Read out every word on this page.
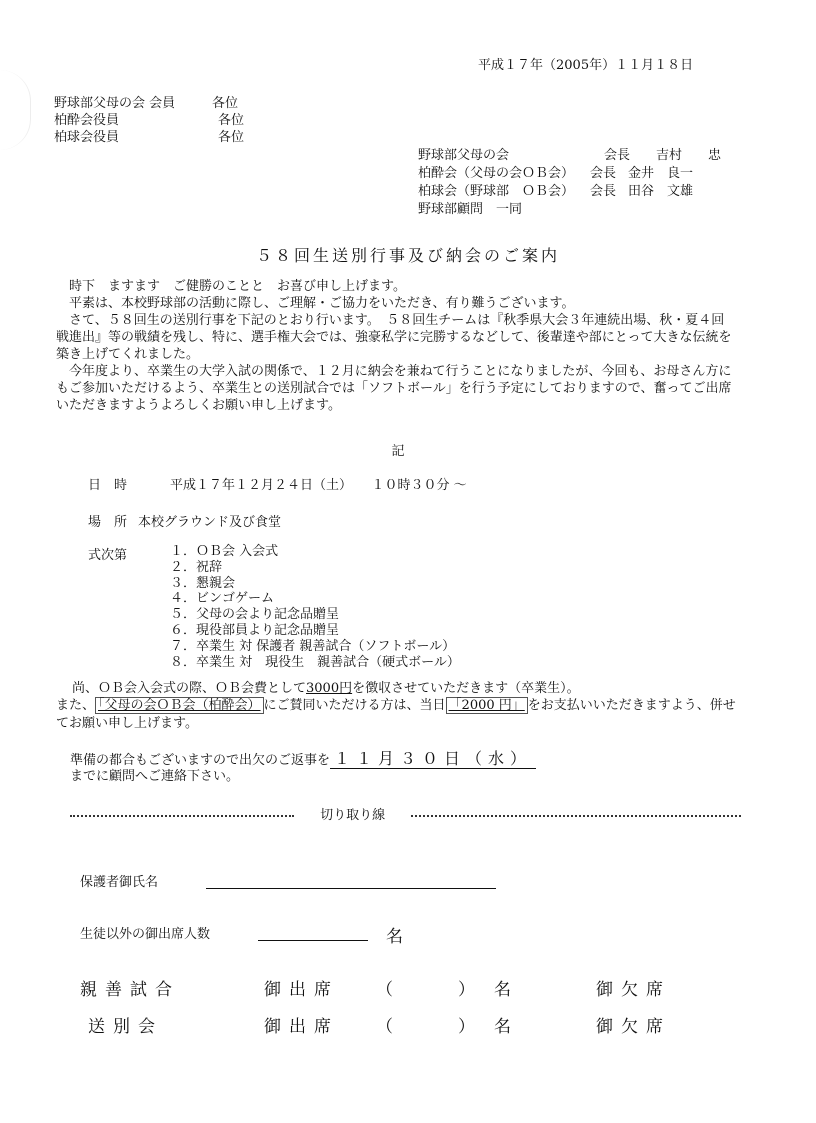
平成１７年（2005年）１１月１８日
野球部父母の会 会員	各位
柏酔会役員	各位
柏球会役員	各位
野球部父母の会	会長 吉村　　忠
柏酔会（父母の会ＯＢ会） 会長 金井　良一
柏球会（野球部　ＯＢ会） 会長 田谷　文雄
野球部顧問　一同
５８回生送別行事及び納会のご案内

　時下　ますます　ご健勝のことと　お喜び申し上げます。

　平素は、本校野球部の活動に際し、ご理解・ご協力をいただき、有り難うございます。

　さて、５８回生の送別行事を下記のとおり行います。　５８回生チームは『秋季県大会３年連続出場、秋・夏４回戦進出』等の戦績を残し、特に、選手権大会では、強豪私学に完勝するなどして、後輩達や部にとって大きな伝統を築き上げてくれました。

　今年度より、卒業生の大学入試の関係で、１２月に納会を兼ねて行うことになりましたが、今回も、お母さん方にもご参加いただけるよう、卒業生との送別試合では「ソフトボール」を行う予定にしておりますので、奮ってご出席いただきますようよろしくお願い申し上げます。

記
日　時	平成１７年１２月２４日（土）　　１０時３０分 ～
場　所 本校グラウンド及び食堂
式次第	１．ＯＢ会 入会式
２．祝辞
３．懇親会
４．ビンゴゲーム
５．父母の会より記念品贈呈
６．現役部員より記念品贈呈
７．卒業生 対 保護者 親善試合（ソフトボール）
８．卒業生 対　現役生　親善試合（硬式ボール）
尚、ＯＢ会入会式の際、ＯＢ会費として3000円を徴収させていただきます（卒業生）。
また、 「父母の会ＯＢ会（柏酔会） にご賛同いただける方は、当日 「2000 円」 をお支払いいただきますよう、併せてお願い申し上げます。
準備の都合もございますので出欠のご返事を １１月３０日（水）
までに顧問へご連絡下さい。
切り取り線
保護者御氏名
生徒以外の御出席人数	名
親善試合	御出席 （	） 名	御欠席
送別会	御出席 （	） 名	御欠席
